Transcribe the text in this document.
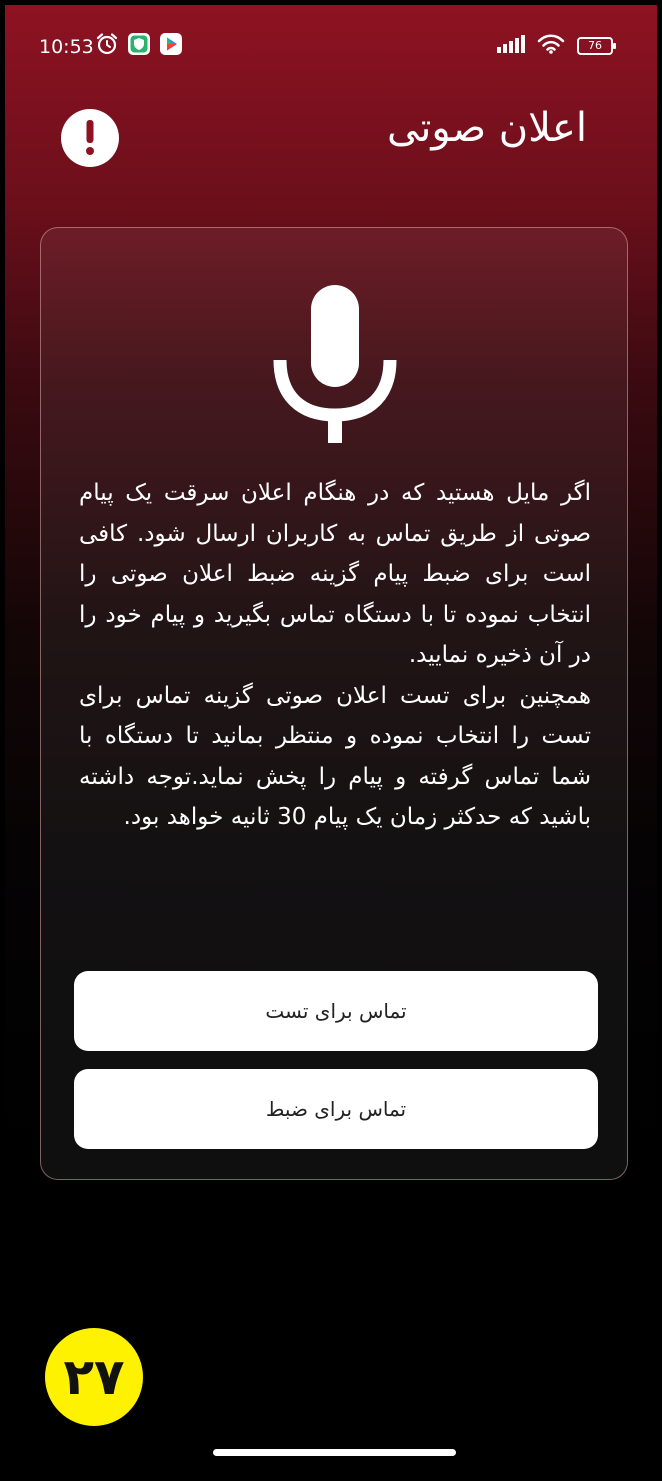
10:53	76
اعلان صوتی

اگر مایل هستید که در هنگام اعلان سرقت یک پیام صوتی از طریق تماس به کاربران ارسال شود. کافی است برای ضبط پیام گزینه ضبط اعلان صوتی را انتخاب نموده تا با دستگاه تماس بگیرید و پیام خود را در آن ذخیره نمایید.

همچنین برای تست اعلان صوتی گزینه تماس برای تست را انتخاب نموده و منتظر بمانید تا دستگاه با شما تماس گرفته و پیام را پخش نماید.توجه داشته باشید که حدکثر زمان یک پیام 30 ثانیه خواهد بود.

تماس برای تست
تماس برای ضبط
۲۷
